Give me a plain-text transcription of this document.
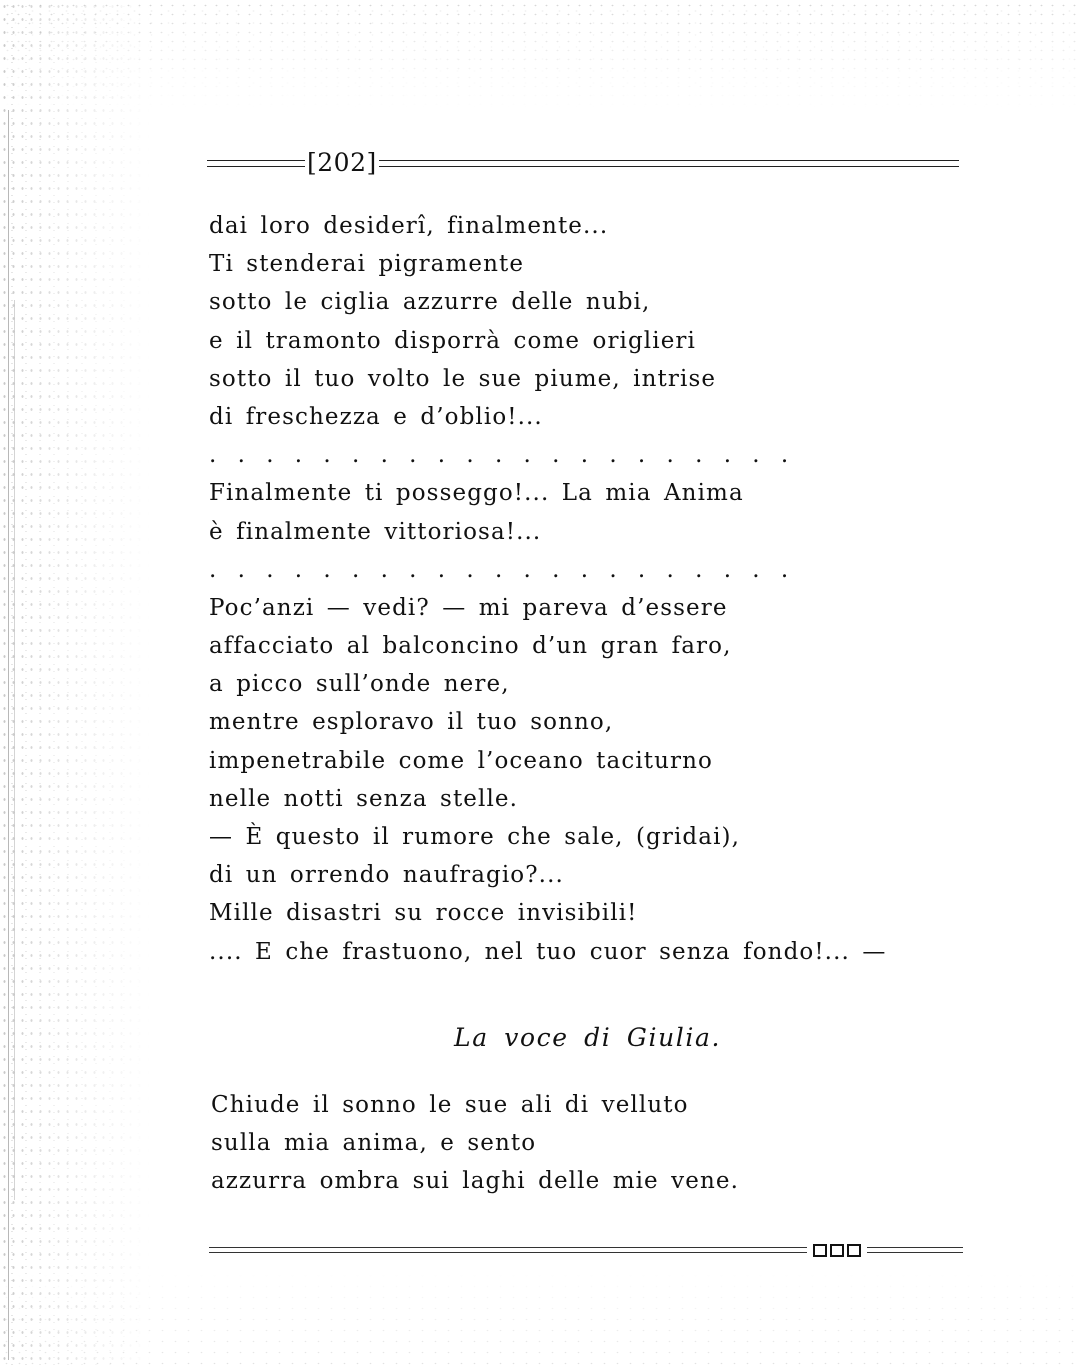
[202]
dai loro desiderî, finalmente...
Ti stenderai pigramente
sotto le ciglia azzurre delle nubi,
e il tramonto disporrà come origlieri
sotto il tuo volto le sue piume, intrise
di freschezza e d’oblio!...
. . . . . . . . . . . . . . . . . . . . .
Finalmente ti posseggo!... La mia Anima
è finalmente vittoriosa!...
. . . . . . . . . . . . . . . . . . . . .
Poc’anzi — vedi? — mi pareva d’essere
affacciato al balconcino d’un gran faro,
a picco sull’onde nere,
mentre esploravo il tuo sonno,
impenetrabile come l’oceano taciturno
nelle notti senza stelle.
— È questo il rumore che sale, (gridai),
di un orrendo naufragio?...
Mille disastri su rocce invisibili!
.... E che frastuono, nel tuo cuor senza fondo!... —
La voce di Giulia.
Chiude il sonno le sue ali di velluto
sulla mia anima, e sento
azzurra ombra sui laghi delle mie vene.
